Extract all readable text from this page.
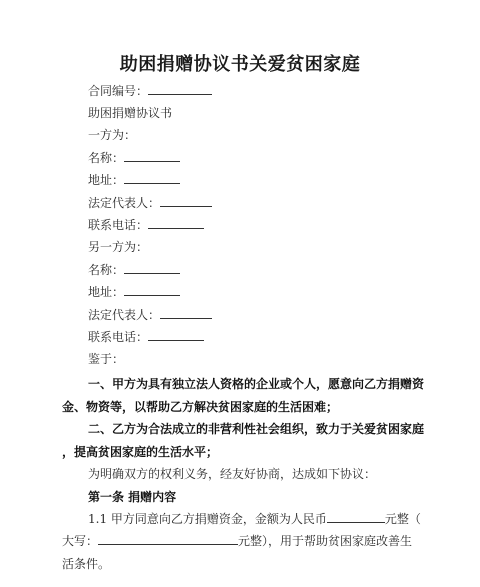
助困捐赠协议书关爱贫困家庭
合同编号：
助困捐赠协议书
一方为：
名称：
地址：
法定代表人：
联系电话：
另一方为：
名称：
地址：
法定代表人：
联系电话：
鉴于：
一、甲方为具有独立法人资格的企业或个人，愿意向乙方捐赠资
金、物资等，以帮助乙方解决贫困家庭的生活困难；
二、乙方为合法成立的非营利性社会组织，致力于关爱贫困家庭
，提高贫困家庭的生活水平；
为明确双方的权利义务，经友好协商，达成如下协议：
第一条 捐赠内容
1.1 甲方同意向乙方捐赠资金，金额为人民币	元整（
大写：	元整），用于帮助贫困家庭改善生
活条件。
